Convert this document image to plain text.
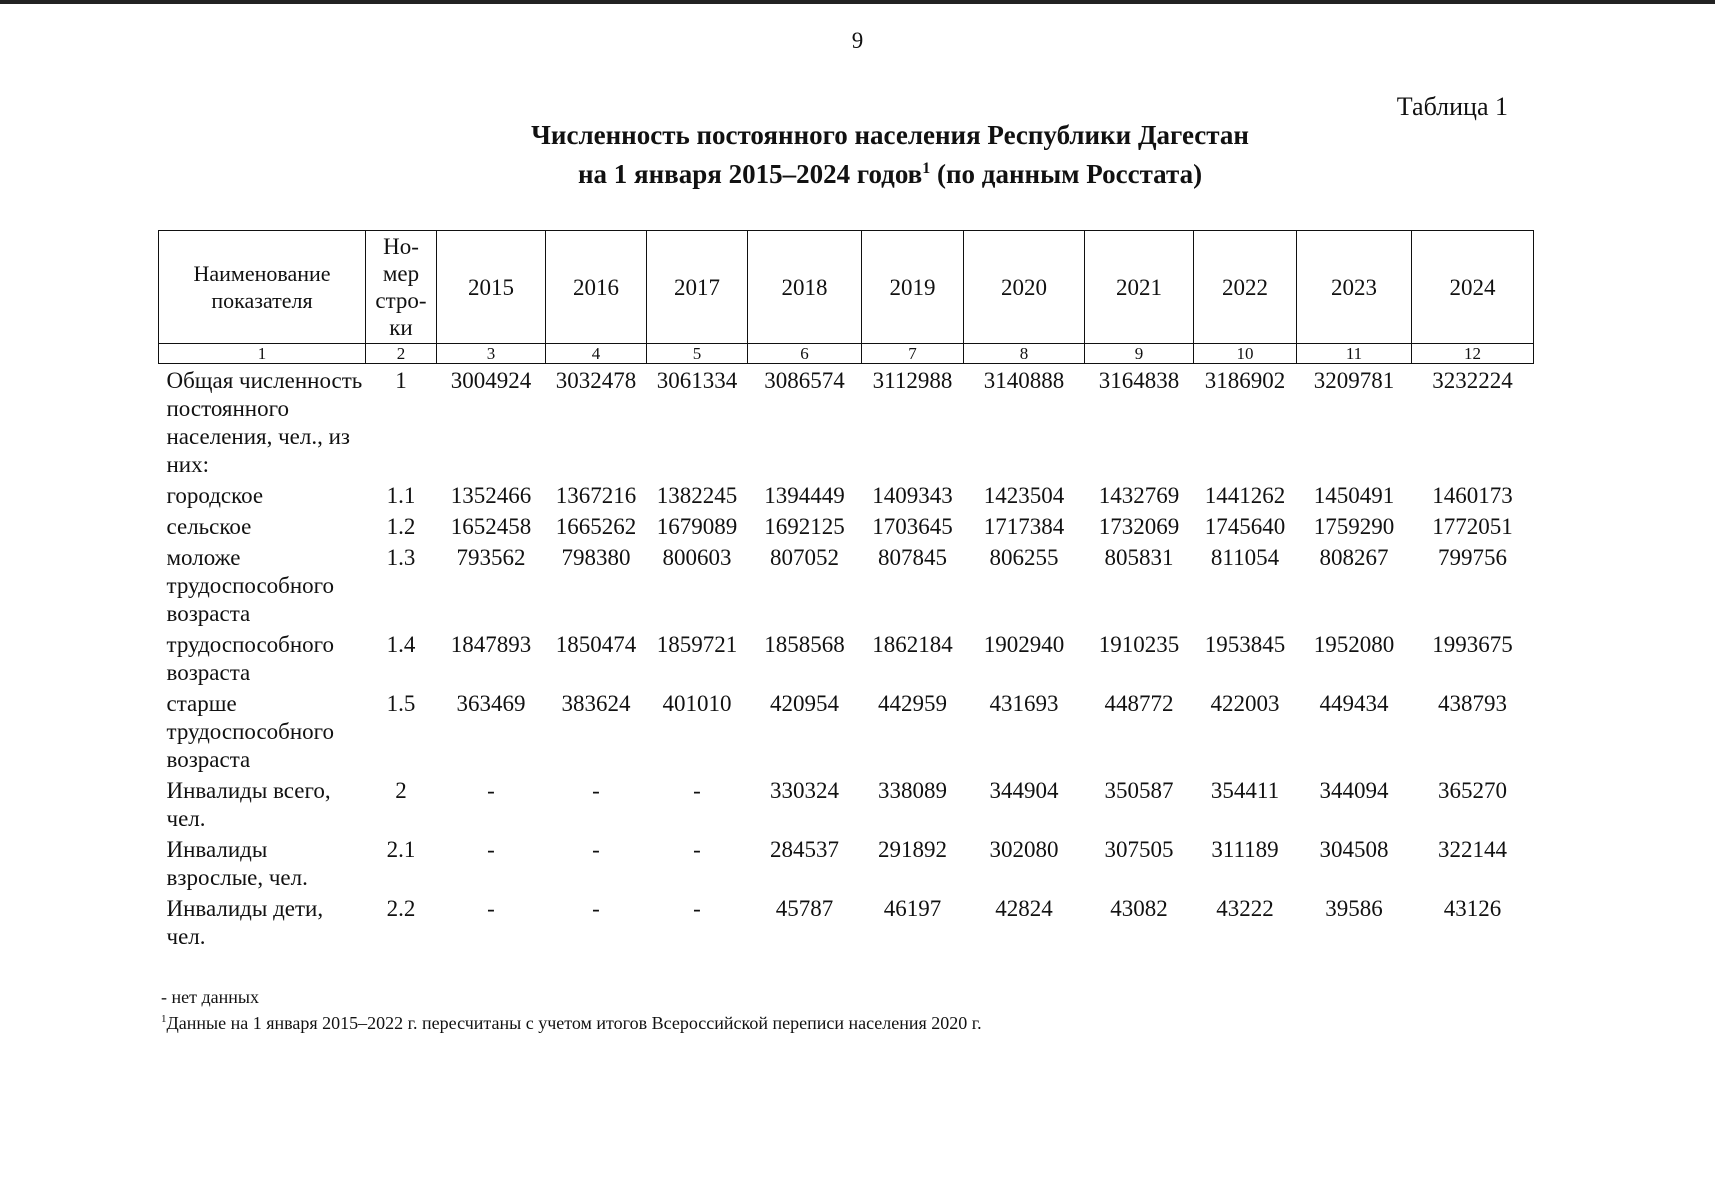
9
Таблица 1
Численность постоянного населения Республики Дагестан
на 1 января 2015–2024 годов$^1$ (по данным Росстата)
Наименование показателя	Но-мер стро-ки	2015	2016	2017	2018	2019	2020	2021	2022	2023	2024
1	2	3	4	5	6	7	8	9	10	11	12
Общая численность постоянного населения, чел., из них:	1	3004924	3032478	3061334	3086574	3112988	3140888	3164838	3186902	3209781	3232224
городское	1.1	1352466	1367216	1382245	1394449	1409343	1423504	1432769	1441262	1450491	1460173
сельское	1.2	1652458	1665262	1679089	1692125	1703645	1717384	1732069	1745640	1759290	1772051
моложе трудоспособного возраста	1.3	793562	798380	800603	807052	807845	806255	805831	811054	808267	799756
трудоспособного возраста	1.4	1847893	1850474	1859721	1858568	1862184	1902940	1910235	1953845	1952080	1993675
старше трудоспособного возраста	1.5	363469	383624	401010	420954	442959	431693	448772	422003	449434	438793
Инвалиды всего, чел.	2	-	-	-	330324	338089	344904	350587	354411	344094	365270
Инвалиды взрослые, чел.	2.1	-	-	-	284537	291892	302080	307505	311189	304508	322144
Инвалиды дети, чел.	2.2	-	-	-	45787	46197	42824	43082	43222	39586	43126
- нет данных
$^1$Данные на 1 января 2015–2022 г. пересчитаны с учетом итогов Всероссийской переписи населения 2020 г.
